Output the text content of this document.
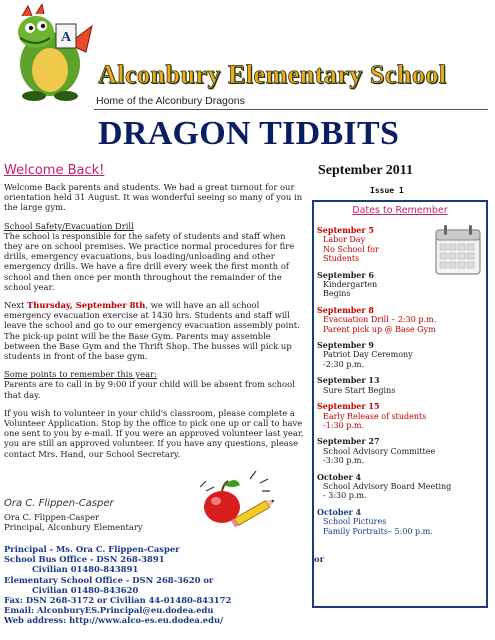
A
Alconbury Elementary School
Home of the Alconbury Dragons
DRAGON TIDBITS
Welcome Back!	September 2011

Welcome Back parents and students. We had a great turnout for our orientation held 31 August. It was wonderful seeing so many of you in the large gym.

School Safety/Evacuation Drill
The school is responsible for the safety of students and staff when they are on school premises. We practice normal procedures for fire drills, emergency evacuations, bus loading/unloading and other emergency drills. We have a fire drill every week the first month of school and then once per month throughout the remainder of the school year.

Next Thursday, September 8th, we will have an all school emergency evacuation exercise at 1430 hrs. Students and staff will leave the school and go to our emergency evacuation assembly point. The pick-up point will be the Base Gym. Parents may assemble between the Base Gym and the Thrift Shop. The busses will pick up students in front of the base gym.

Some points to remember this year:
Parents are to call in by 9:00 if your child will be absent from school that day.

If you wish to volunteer in your child's classroom, please complete a Volunteer Application. Stop by the office to pick one up or call to have one sent to you by e-mail. If you were an approved volunteer last year, you are still an approved volunteer. If you have any questions, please contact Mrs. Hand, our School Secretary.

Ora C. Flippen-Casper
Ora C. Flippen-Casper
Principal, Alconbury Elementary
Principal - Ms. Ora C. Flippen-Casper
School Bus Office - DSN 268-3891	or
Civilian 01480-843891
Elementary School Office - DSN 268-3620 or
Civilian 01480-843620
Fax: DSN 268-3172 or Civilian 44-01480-843172
Email: AlconburyES.Principal@eu.dodea.edu
Web address: http://www.alco-es.eu.dodea.edu/
Issue 1
Dates to Remember
September 5
Labor Day
No School for Students
September 6
Kindergarten Begins
September 8
Evacuation Drill – 2:30 p.m.
Parent pick up @ Base Gym
September 9
Patriot Day Ceremony
-2:30 p.m.
September 13
Sure Start Begins
September 15
Early Release of students
-1:30 p.m.
September 27
School Advisory Committee
-3:30 p.m.
October 4
School Advisory Board Meeting
- 3:30 p.m.
October 4
School Pictures
Family Portraits– 5:00 p.m.
